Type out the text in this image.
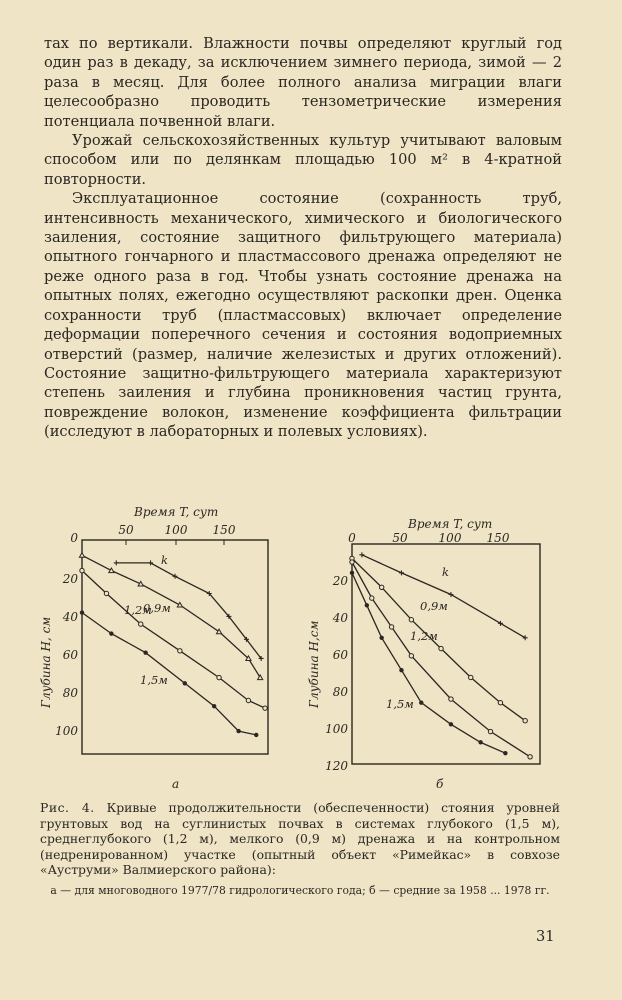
тах по вертикали. Влажности почвы определяют круглый год один раз в декаду, за исключением зимнего периода, зимой — 2 раза в месяц. Для более полного анализа миграции влаги целесообразно проводить тензометрические измерения потенциала почвенной влаги.

Урожай сельскохозяйственных культур учитывают валовым способом или по делянкам площадью 100 м² в 4-кратной повторности.

Эксплуатационное состояние (сохранность труб, интенсивность механического, химического и биологического заиления, состояние защитного фильтрующего материала) опытного гончарного и пластмассового дренажа определяют не реже одного раза в год. Чтобы узнать состояние дренажа на опытных полях, ежегодно осуществляют раскопки дрен. Оценка сохранности труб (пластмассовых) включает определение деформации поперечного сечения и состояния водоприемных отверстий (размер, наличие железистых и других отложений). Состояние защитно-фильтрующего материала характеризуют степень заиления и глубина проникновения частиц грунта, повреждение волокон, изменение коэффициента фильтрации (исследуют в лабораторных и полевых условиях).

Время T, сут
0
50	100 150
20
40
60
80
100
Глубина H, см
k
0,9м
1,2м
1,5м
а
Время T, сут
0	50	100 150
20
40
60
80
100
120
Глубина H,см
k
0,9м
1,2м
1,5м
б
Рис. 4. Кривые продолжительности (обеспеченности) стояния уровней грунтовых вод на суглинистых почвах в системах глубокого (1,5 м), среднеглубокого (1,2 м), мелкого (0,9 м) дренажа и на контрольном (недренированном) участке (опытный объект «Римейкас» в совхозе «Ауструми» Валмиерского района):
а — для многоводного 1977/78 гидрологического года; б — средние за 1958 ... 1978 гг.
31
